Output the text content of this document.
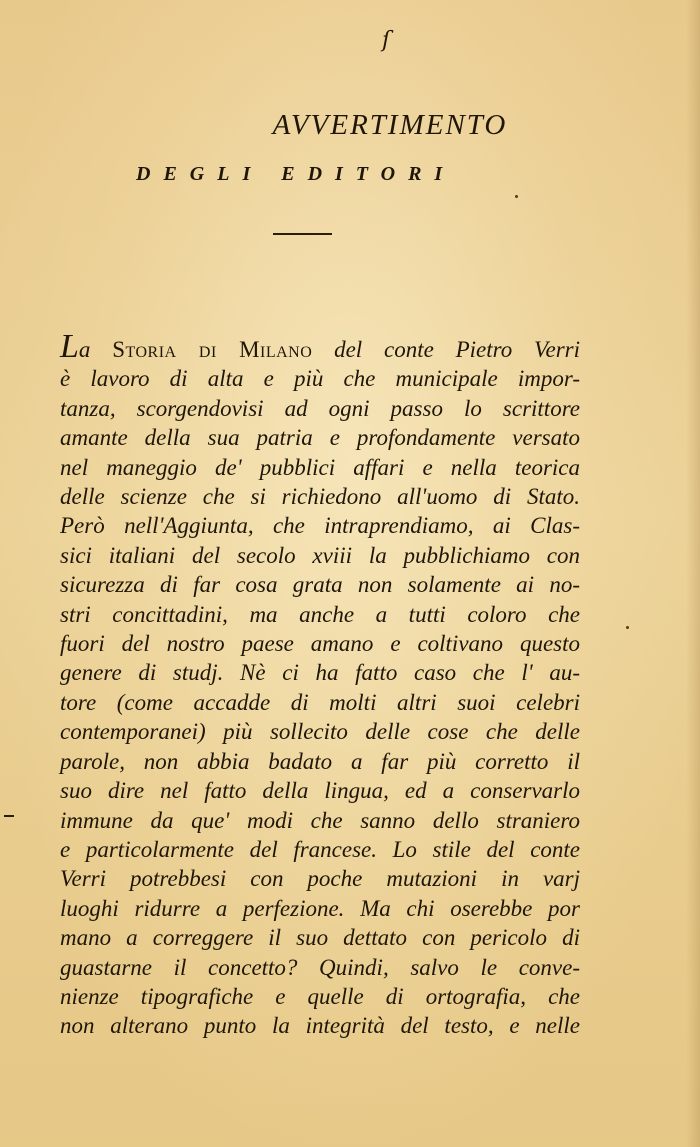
ſ
AVVERTIMENTO
DEGLI EDITORI
La Storia di Milano del conte Pietro Verri
è lavoro di alta e più che municipale impor-
tanza, scorgendovisi ad ogni passo lo scrittore
amante della sua patria e profondamente versato
nel maneggio de' pubblici affari e nella teorica
delle scienze che si richiedono all'uomo di Stato.
Però nell'Aggiunta, che intraprendiamo, ai Clas-
sici italiani del secolo xviii la pubblichiamo con
sicurezza di far cosa grata non solamente ai no-
stri concittadini, ma anche a tutti coloro che
fuori del nostro paese amano e coltivano questo
genere di studj. Nè ci ha fatto caso che l' au-
tore (come accadde di molti altri suoi celebri
contemporanei) più sollecito delle cose che delle
parole, non abbia badato a far più corretto il
suo dire nel fatto della lingua, ed a conservarlo
immune da que' modi che sanno dello straniero
e particolarmente del francese. Lo stile del conte
Verri potrebbesi con poche mutazioni in varj
luoghi ridurre a perfezione. Ma chi oserebbe por
mano a correggere il suo dettato con pericolo di
guastarne il concetto? Quindi, salvo le conve-
nienze tipografiche e quelle di ortografia, che
non alterano punto la integrità del testo, e nelle
